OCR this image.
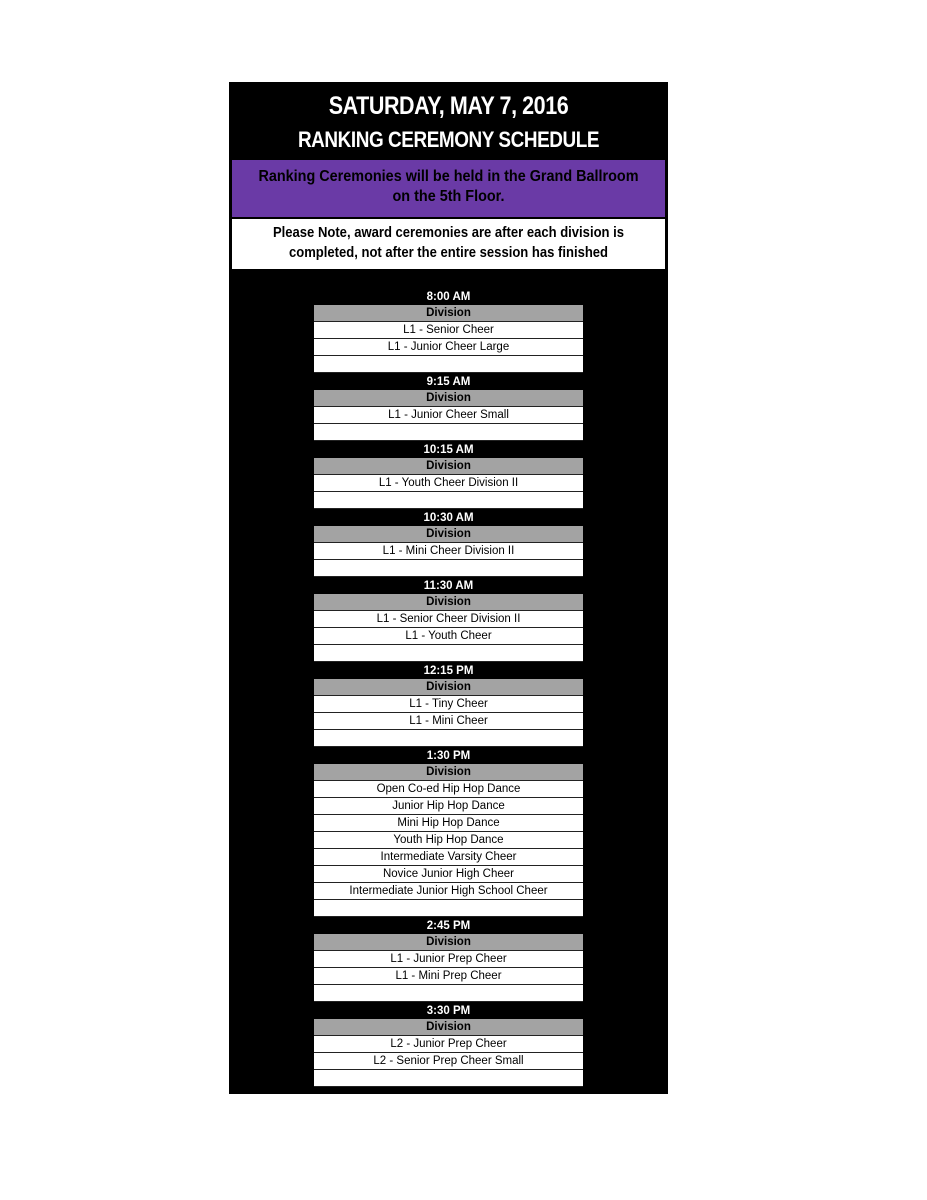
SATURDAY, MAY 7, 2016
RANKING CEREMONY SCHEDULE
Ranking Ceremonies will be held in the Grand Ballroom
on the 5th Floor.
Please Note, award ceremonies are after each division is
completed, not after the entire session has finished
8:00 AM
Division
L1 - Senior Cheer
L1 - Junior Cheer Large
9:15 AM
Division
L1 - Junior Cheer Small
10:15 AM
Division
L1 - Youth Cheer Division II
10:30 AM
Division
L1 - Mini Cheer Division II
11:30 AM
Division
L1 - Senior Cheer Division II
L1 - Youth Cheer
12:15 PM
Division
L1 - Tiny Cheer
L1 - Mini Cheer
1:30 PM
Division
Open Co-ed Hip Hop Dance
Junior Hip Hop Dance
Mini Hip Hop Dance
Youth Hip Hop Dance
Intermediate Varsity Cheer
Novice Junior High Cheer
Intermediate Junior High School Cheer
2:45 PM
Division
L1 - Junior Prep Cheer
L1 - Mini Prep Cheer
3:30 PM
Division
L2 - Junior Prep Cheer
L2 - Senior Prep Cheer Small
